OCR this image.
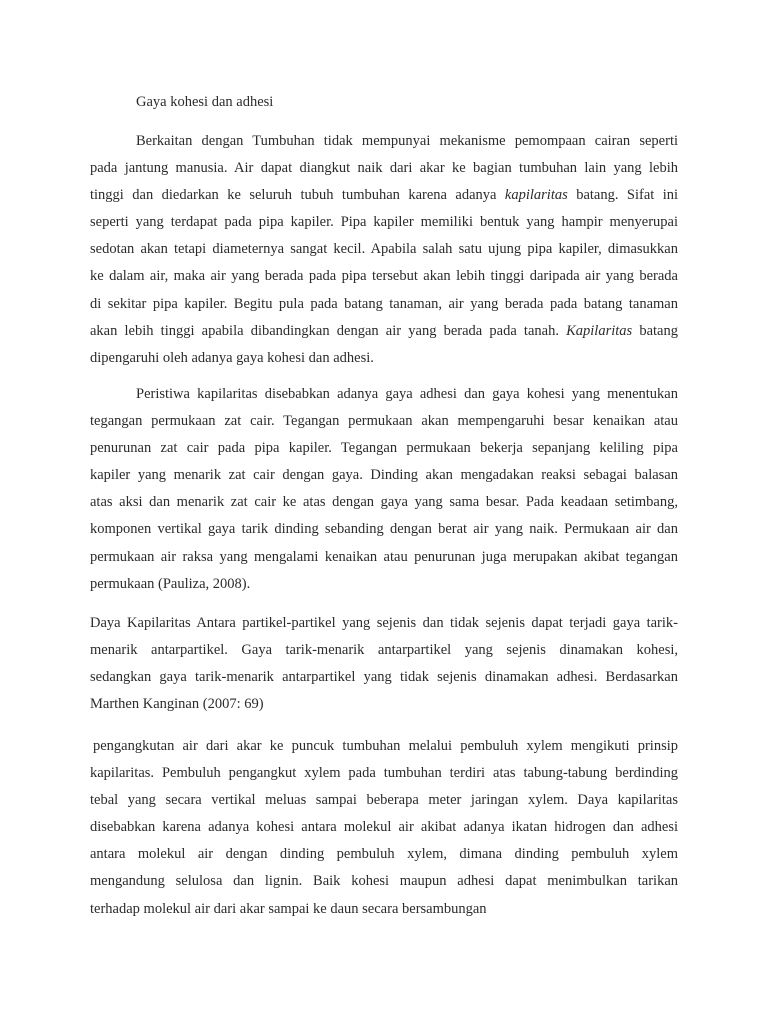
Gaya kohesi dan adhesi
Berkaitan dengan Tumbuhan tidak mempunyai mekanisme pemompaan cairan seperti
pada jantung manusia. Air dapat diangkut naik dari akar ke bagian tumbuhan lain yang lebih
tinggi dan diedarkan ke seluruh tubuh tumbuhan karena adanya kapilaritas batang. Sifat ini
seperti yang terdapat pada pipa kapiler. Pipa kapiler memiliki bentuk yang hampir menyerupai
sedotan akan tetapi diameternya sangat kecil. Apabila salah satu ujung pipa kapiler, dimasukkan
ke dalam air, maka air yang berada pada pipa tersebut akan lebih tinggi daripada air yang berada
di sekitar pipa kapiler. Begitu pula pada batang tanaman, air yang berada pada batang tanaman
akan lebih tinggi apabila dibandingkan dengan air yang berada pada tanah. Kapilaritas batang
dipengaruhi oleh adanya gaya kohesi dan adhesi.
Peristiwa kapilaritas disebabkan adanya gaya adhesi dan gaya kohesi yang menentukan
tegangan permukaan zat cair. Tegangan permukaan akan mempengaruhi besar kenaikan atau
penurunan zat cair pada pipa kapiler. Tegangan permukaan bekerja sepanjang keliling pipa
kapiler yang menarik zat cair dengan gaya. Dinding akan mengadakan reaksi sebagai balasan
atas aksi dan menarik zat cair ke atas dengan gaya yang sama besar. Pada keadaan setimbang,
komponen vertikal gaya tarik dinding sebanding dengan berat air yang naik. Permukaan air dan
permukaan air raksa yang mengalami kenaikan atau penurunan juga merupakan akibat tegangan
permukaan (Pauliza, 2008).
Daya Kapilaritas Antara partikel-partikel yang sejenis dan tidak sejenis dapat terjadi gaya tarik-
menarik antarpartikel. Gaya tarik-menarik antarpartikel yang sejenis dinamakan kohesi,
sedangkan gaya tarik-menarik antarpartikel yang tidak sejenis dinamakan adhesi. Berdasarkan
Marthen Kanginan (2007: 69)
pengangkutan air dari akar ke puncuk tumbuhan melalui pembuluh xylem mengikuti prinsip
kapilaritas. Pembuluh pengangkut xylem pada tumbuhan terdiri atas tabung-tabung berdinding
tebal yang secara vertikal meluas sampai beberapa meter jaringan xylem. Daya kapilaritas
disebabkan karena adanya kohesi antara molekul air akibat adanya ikatan hidrogen dan adhesi
antara molekul air dengan dinding pembuluh xylem, dimana dinding pembuluh xylem
mengandung selulosa dan lignin. Baik kohesi maupun adhesi dapat menimbulkan tarikan
terhadap molekul air dari akar sampai ke daun secara bersambungan
